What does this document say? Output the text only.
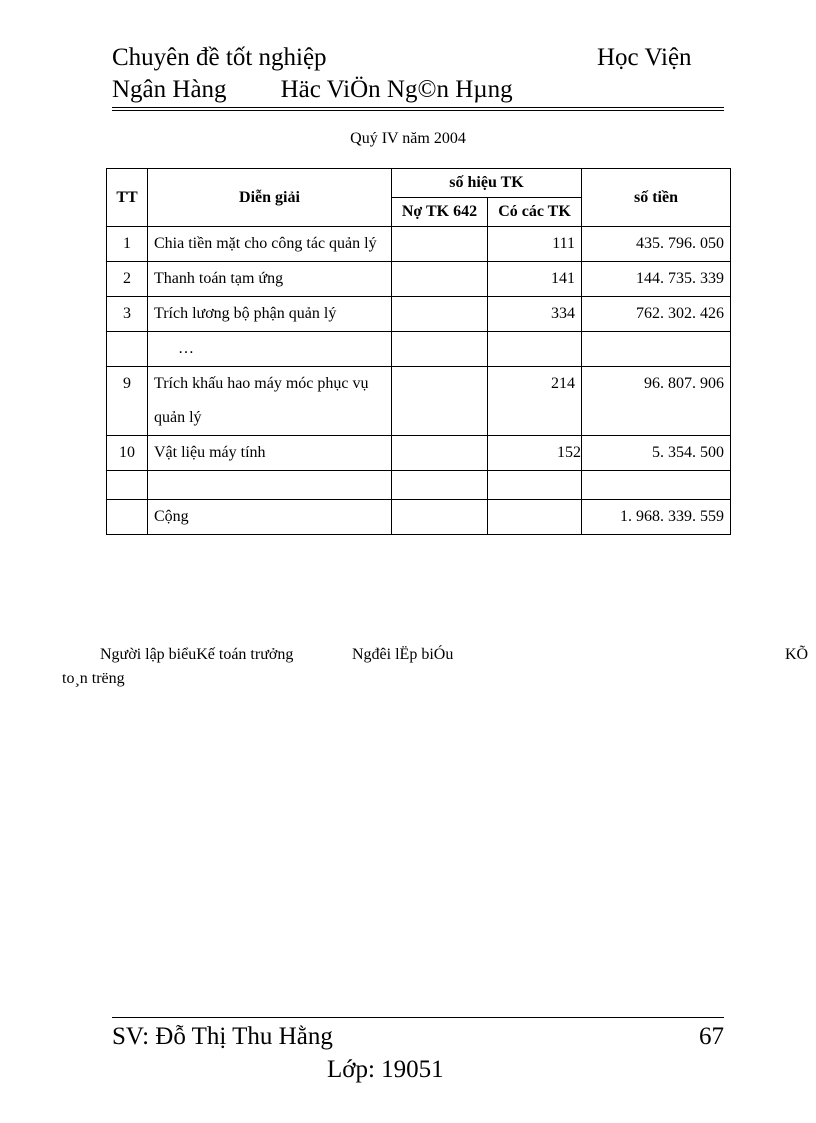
Chuyên đề tốt nghiệp	Học Viện
Ngân Hàng Häc ViÖn Ng©n Hµng
Quý IV năm 2004
TT	Diễn giải	số hiệu TK		số tiền
		Nợ TK 642	Có các TK	
1	Chia tiền mặt cho công tác quản lý		111	435. 796. 050
2	Thanh toán tạm ứng		141	144. 735. 339
3	Trích lương bộ phận quản lý		334	762. 302. 426
	…			
9	Trích khấu hao máy móc phục vụ quản lý		214	96. 807. 906
10	Vật liệu máy tính		152	5. 354. 500

	Cộng			1. 968. 339. 559
Người lập biểuKế toán trưởng	Ngđêi lËp biÓu	KÕ
to¸n trëng
SV: Đỗ Thị Thu Hằng	67
Lớp: 19051
